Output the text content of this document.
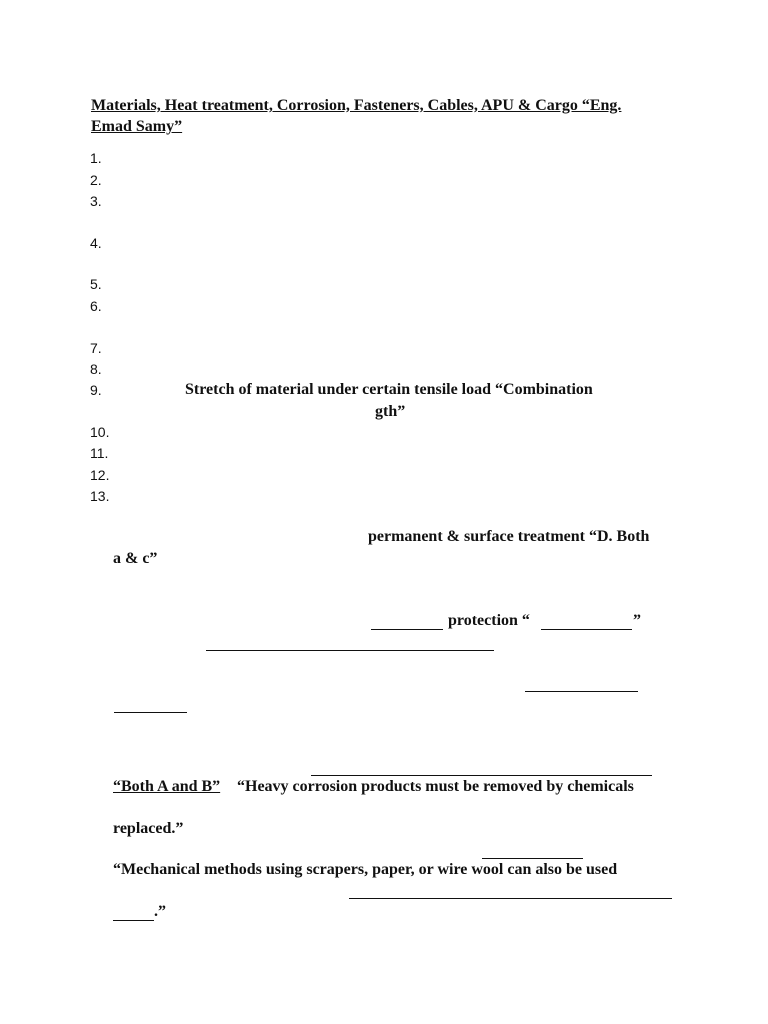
Materials, Heat treatment, Corrosion, Fasteners, Cables, APU & Cargo “Eng.
Emad Samy”
1.
2.
3.
4.
5.
6.
7.
8.
9.
10.
11.
12.
13.
Stretch of material under certain tensile load “Combination
gth”
permanent & surface treatment “D. Both
a & c”
protection “	”
“Both A and B” “Heavy corrosion products must be removed by chemicals
replaced.”
“Mechanical methods using scrapers, paper, or wire wool can also be used
.”
